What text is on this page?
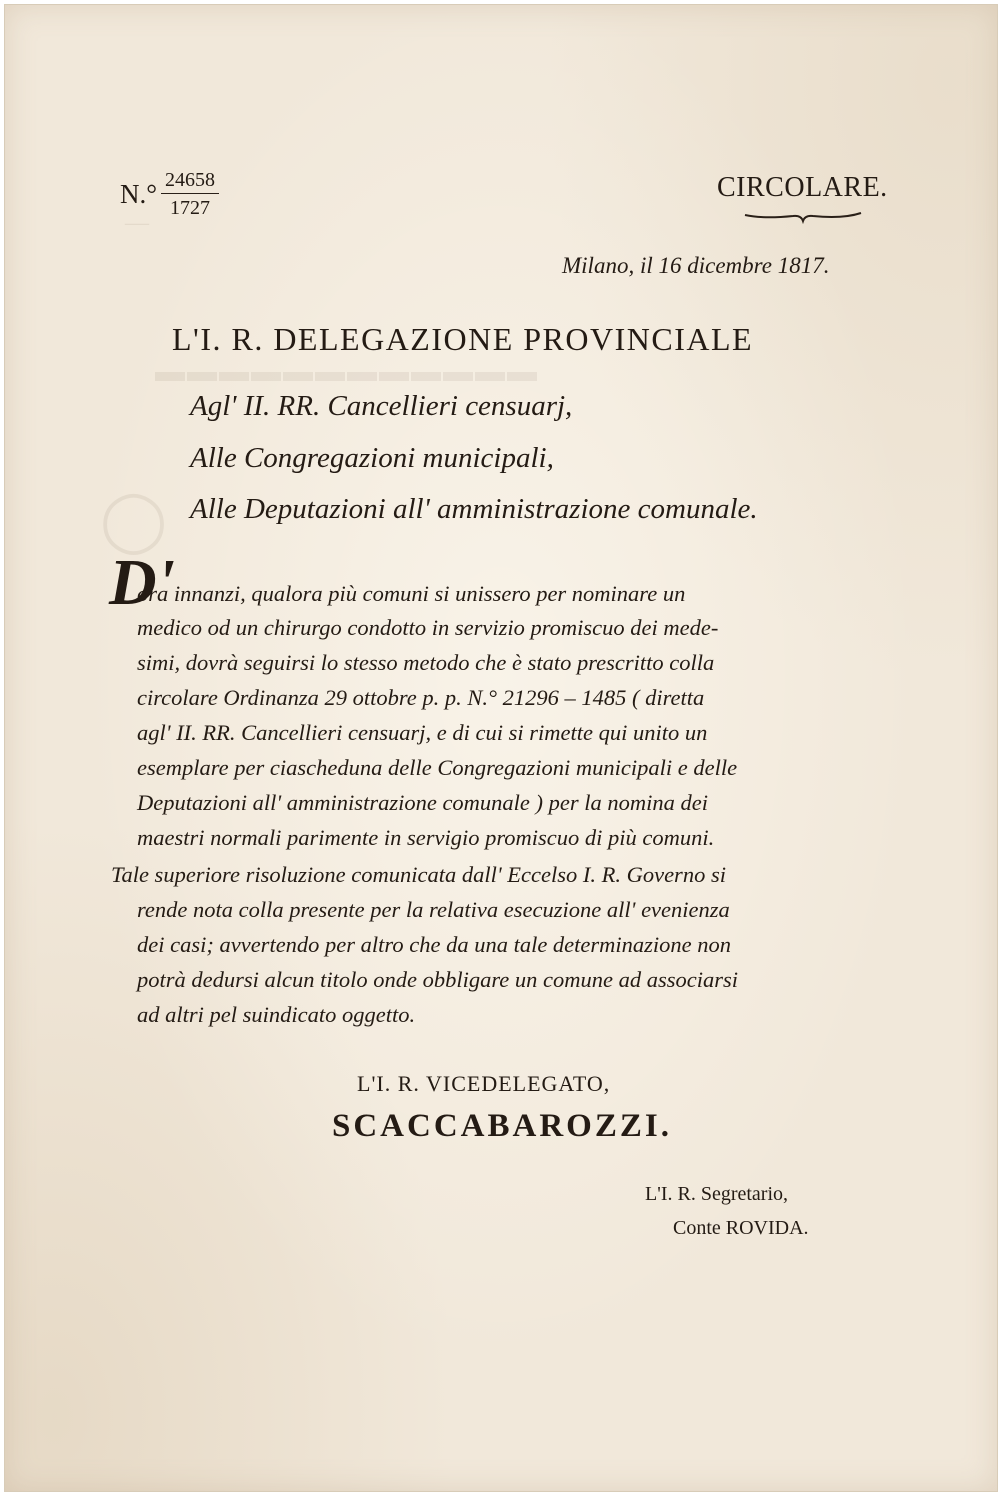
—
▬▬▬▬▬▬▬▬▬▬▬▬
◯
$N.^\circ \frac{24658}{1727}$	CIRCOLARE.
Milano, il 16 dicembre 1817.
L'I. R. DELEGAZIONE PROVINCIALE
Agl' II. RR. Cancellieri censuarj,
Alle Congregazioni municipali,
Alle Deputazioni all' amministrazione comunale.
D'
ora innanzi, qualora più comuni si unissero per nominare un
medico od un chirurgo condotto in servizio promiscuo dei mede-
simi, dovrà seguirsi lo stesso metodo che è stato prescritto colla
circolare Ordinanza 29 ottobre p. p. N.° 21296 – 1485 ( diretta
agl' II. RR. Cancellieri censuarj, e di cui si rimette qui unito un
esemplare per ciascheduna delle Congregazioni municipali e delle
Deputazioni all' amministrazione comunale ) per la nomina dei
maestri normali parimente in servigio promiscuo di più comuni.
Tale superiore risoluzione comunicata dall' Eccelso I. R. Governo si
rende nota colla presente per la relativa esecuzione all' evenienza
dei casi; avvertendo per altro che da una tale determinazione non
potrà dedursi alcun titolo onde obbligare un comune ad associarsi
ad altri pel suindicato oggetto.
L'I. R. VICEDELEGATO,
SCACCABAROZZI.
L'I. R. Segretario,
Conte ROVIDA.
